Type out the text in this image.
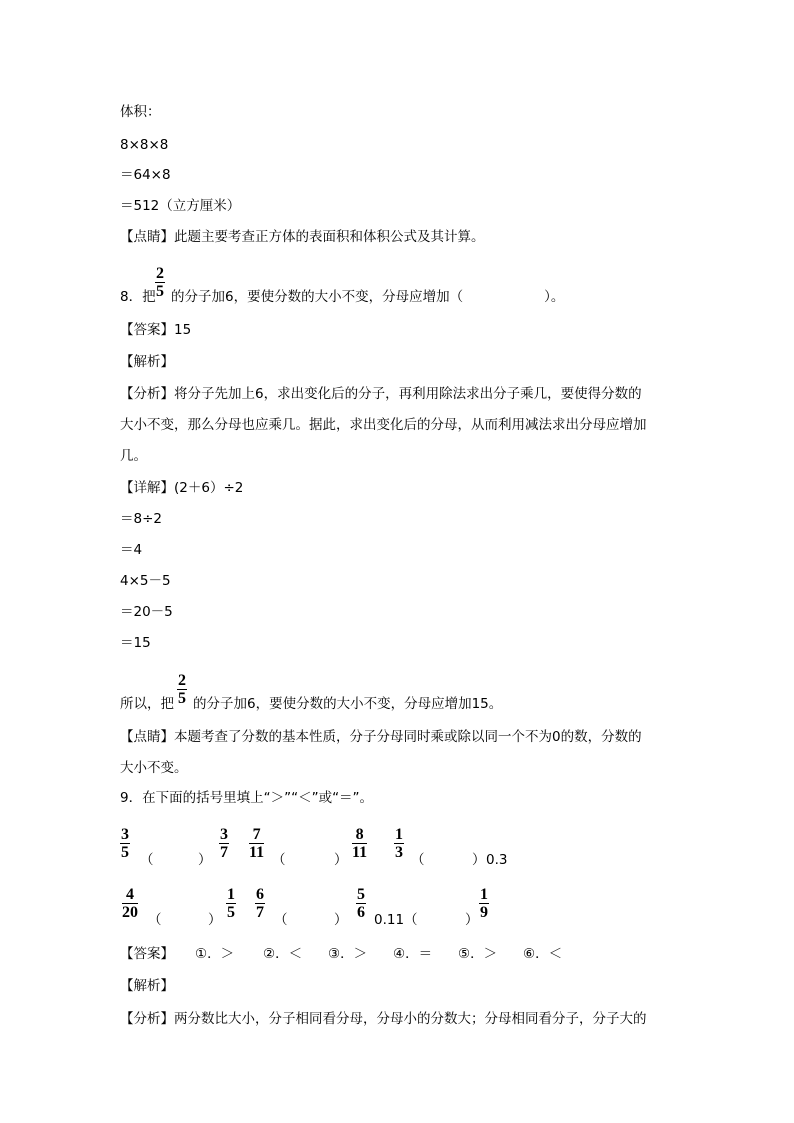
体积：
8×8×8
＝64×8
＝512（立方厘米）
【点睛】此题主要考查正方体的表面积和体积公式及其计算。
8．把
2
5 的分子加6，要使分数的大小不变，分母应增加（　　　　　　）。
【答案】15
【解析】
【分析】将分子先加上6，求出变化后的分子，再利用除法求出分子乘几，要使得分数的
大小不变，那么分母也应乘几。据此，求出变化后的分母，从而利用减法求出分母应增加
几。
【详解】(2＋6）÷2
＝8÷2
＝4
4×5－5
＝20－5
＝15
所以，把
2
5 的分子加6，要使分数的大小不变，分母应增加15。
【点睛】本题考查了分数的基本性质，分子分母同时乘或除以同一个不为0的数，分数的
大小不变。
9．在下面的括号里填上“＞”“＜”或“＝”。
3
5 （	）
3
7
7
11 （	）
8
11
1
3 （	） 0.3
4
20 （	）
1
5
6
7 （	）
5
6 0.11 （	）
1
9
【答案】 ①．＞ ②．＜ ③．＞ ④．＝ ⑤．＞ ⑥．＜
【解析】
【分析】两分数比大小，分子相同看分母，分母小的分数大；分母相同看分子，分子大的
